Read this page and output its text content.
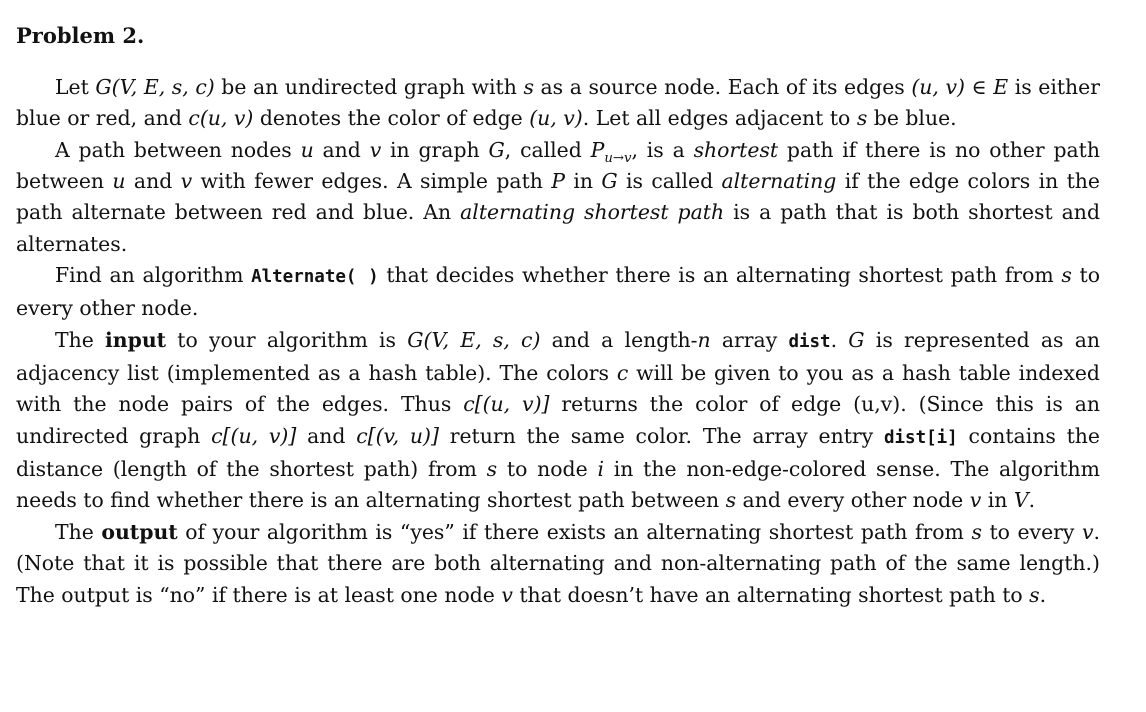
Problem 2.

Let G(V, E, s, c) be an undirected graph with s as a source node. Each of its edges (u, v) ∈ E is either blue or red, and c(u, v) denotes the color of edge (u, v). Let all edges adjacent to s be blue.

A path between nodes u and v in graph G, called $P_{u\to v}$, is a shortest path if there is no other path between u and v with fewer edges. A simple path P in G is called alternating if the edge colors in the path alternate between red and blue. An alternating shortest path is a path that is both shortest and alternates.

Find an algorithm Alternate( ) that decides whether there is an alternating shortest path from s to every other node.

The input to your algorithm is G(V, E, s, c) and a length-n array dist. G is represented as an adjacency list (implemented as a hash table). The colors c will be given to you as a hash table indexed with the node pairs of the edges. Thus c[(u, v)] returns the color of edge (u,v). (Since this is an undirected graph c[(u, v)] and c[(v, u)] return the same color. The array entry dist[i] contains the distance (length of the shortest path) from s to node i in the non-edge-colored sense. The algorithm needs to find whether there is an alternating shortest path between s and every other node v in V.

The output of your algorithm is “yes” if there exists an alternating shortest path from s to every v. (Note that it is possible that there are both alternating and non-alternating path of the same length.) The output is “no” if there is at least one node v that doesn’t have an alternating shortest path to s.
